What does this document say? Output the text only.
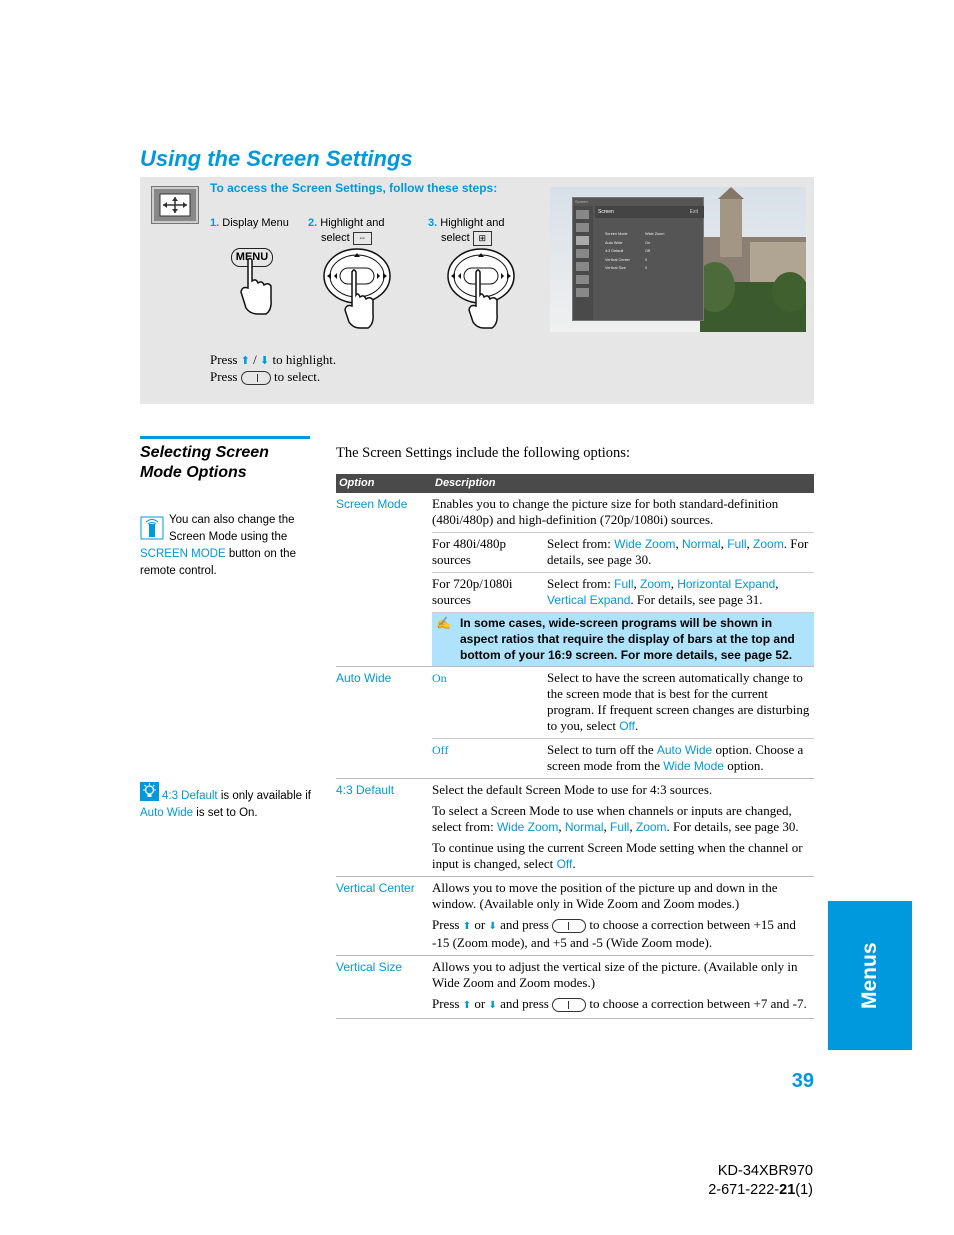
Using the Screen Settings
To access the Screen Settings, follow these steps:
1. Display Menu 2. Highlight and
select ⇔
3. Highlight and
select ⊞
MENU
Press ⬆ / ⬇ to highlight.
Press	to select.
Screen
Screen	Exit
Screen Mode	Wide Zoom
Auto Wide	On
4:3 Default	Off
Vertical Center	0
Vertical Size	0
Selecting Screen Mode Options
You can also change the Screen Mode using the
SCREEN MODE button on the remote control.
4:3 Default is only available if Auto Wide is set to On.
The Screen Settings include the following options:
Option	Description	
Screen Mode	Enables you to change the picture size for both standard-definition (480i/480p) and high-definition (720p/1080i) sources.	
	For 480i/480p sources	Select from: Wide Zoom, Normal, Full, Zoom. For details, see page 30.
	For 720p/1080i sources	Select from: Full, Zoom, Horizontal Expand, Vertical Expand. For details, see page 31.

	✍ In some cases, wide-screen programs will be shown in aspect ratios that require the display of bars at the top and bottom of your 16:9 screen. For more details, see page 52.	

Auto Wide	On	Select to have the screen automatically change to the screen mode that is best for the current program. If frequent screen changes are disturbing to you, select Off.
	Off	Select to turn off the Auto Wide option. Choose a screen mode from the Wide Mode option.
4:3 Default	Select the default Screen Mode to use for 4:3 sources.
To select a Screen Mode to use when channels or inputs are changed, select from: Wide Zoom, Normal, Full, Zoom. For details, see page 30.
To continue using the current Screen Mode setting when the channel or input is changed, select Off.	

Vertical Center	Allows you to move the position of the picture up and down in the window. (Available only in Wide Zoom and Zoom modes.)
Press ⬆ or ⬇ and press to choose a correction between +15 and -15 (Zoom mode), and +5 and -5 (Wide Zoom mode).	

Vertical Size	Allows you to adjust the vertical size of the picture. (Available only in Wide Zoom and Zoom modes.)
Press ⬆ or ⬇ and press to choose a correction between +7 and -7.		Menus
39
KD-34XBR970
2-671-222-21(1)
